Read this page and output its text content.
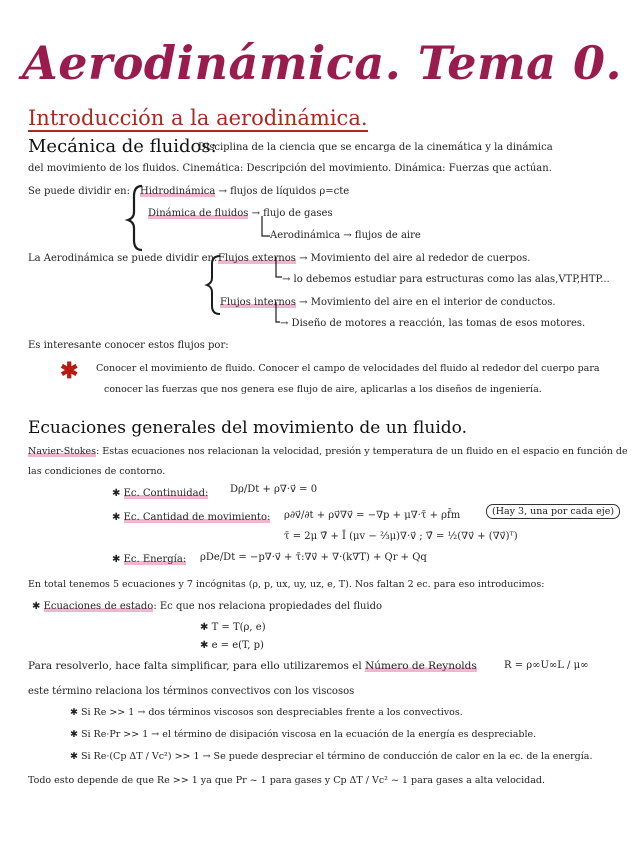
Aerodinámica. Tema 0.
Introducción a la aerodinámica.
Mecánica de fluidos:
Disciplina de la ciencia que se encarga de la cinemática y la dinámica
del movimiento de los fluidos. Cinemática: Descripción del movimiento. Dinámica: Fuerzas que actúan.
Se puede dividir en: Hidrodinámica → flujos de líquidos ρ=cte
Dinámica de fluidos → flujo de gases
Aerodinámica → flujos de aire
La Aerodinámica se puede dividir en: Flujos externos → Movimiento del aire al rededor de cuerpos.
→ lo debemos estudiar para estructuras como las alas,VTP,HTP...
Flujos internos → Movimiento del aire en el interior de conductos.
→ Diseño de motores a reacción, las tomas de esos motores.
Es interesante conocer estos flujos por:
✱ Conocer el movimiento de fluido. Conocer el campo de velocidades del fluido al rededor del cuerpo para
conocer las fuerzas que nos genera ese flujo de aire, aplicarlas a los diseños de ingeniería.
Ecuaciones generales del movimiento de un fluido.
Navier-Stokes: Estas ecuaciones nos relacionan la velocidad, presión y temperatura de un fluido en el espacio en función de
las condiciones de contorno.
✱ Ec. Continuidad: Dρ/Dt + ρ∇·v⃗ = 0
✱ Ec. Cantidad de movimiento: ρ∂v⃗/∂t + ρv⃗∇v⃗ = −∇p + μ∇·τ̄ + ρf̄m	(Hay 3, una por cada eje)
τ̄ = 2μ ∇̄ + Ī (μv − ⅔μ)∇·v⃗ ; ∇̄ = ½(∇v⃗ + (∇v⃗)ᵀ)
✱ Ec. Energía: ρDe/Dt = −p∇·v⃗ + τ̄:∇v⃗ + ∇·(k∇T) + Qr + Qq
En total tenemos 5 ecuaciones y 7 incógnitas (ρ, p, ux, uy, uz, e, T). Nos faltan 2 ec. para eso introducimos:
✱ Ecuaciones de estado: Ec que nos relaciona propiedades del fluido
✱ T = T(ρ, e)
✱ e = e(T, p)
Para resolverlo, hace falta simplificar, para ello utilizaremos el Número de Reynolds	R = ρ∞U∞L / μ∞
este término relaciona los términos convectivos con los viscosos
✱ Si Re >> 1 → dos términos viscosos son despreciables frente a los convectivos.
✱ Si Re·Pr >> 1 → el término de disipación viscosa en la ecuación de la energía es despreciable.
✱ Si Re·(Cp ΔT / Vc²) >> 1 → Se puede despreciar el término de conducción de calor en la ec. de la energía.
Todo esto depende de que Re >> 1 ya que Pr ~ 1 para gases y Cp ΔT / Vc² ~ 1 para gases a alta velocidad.
